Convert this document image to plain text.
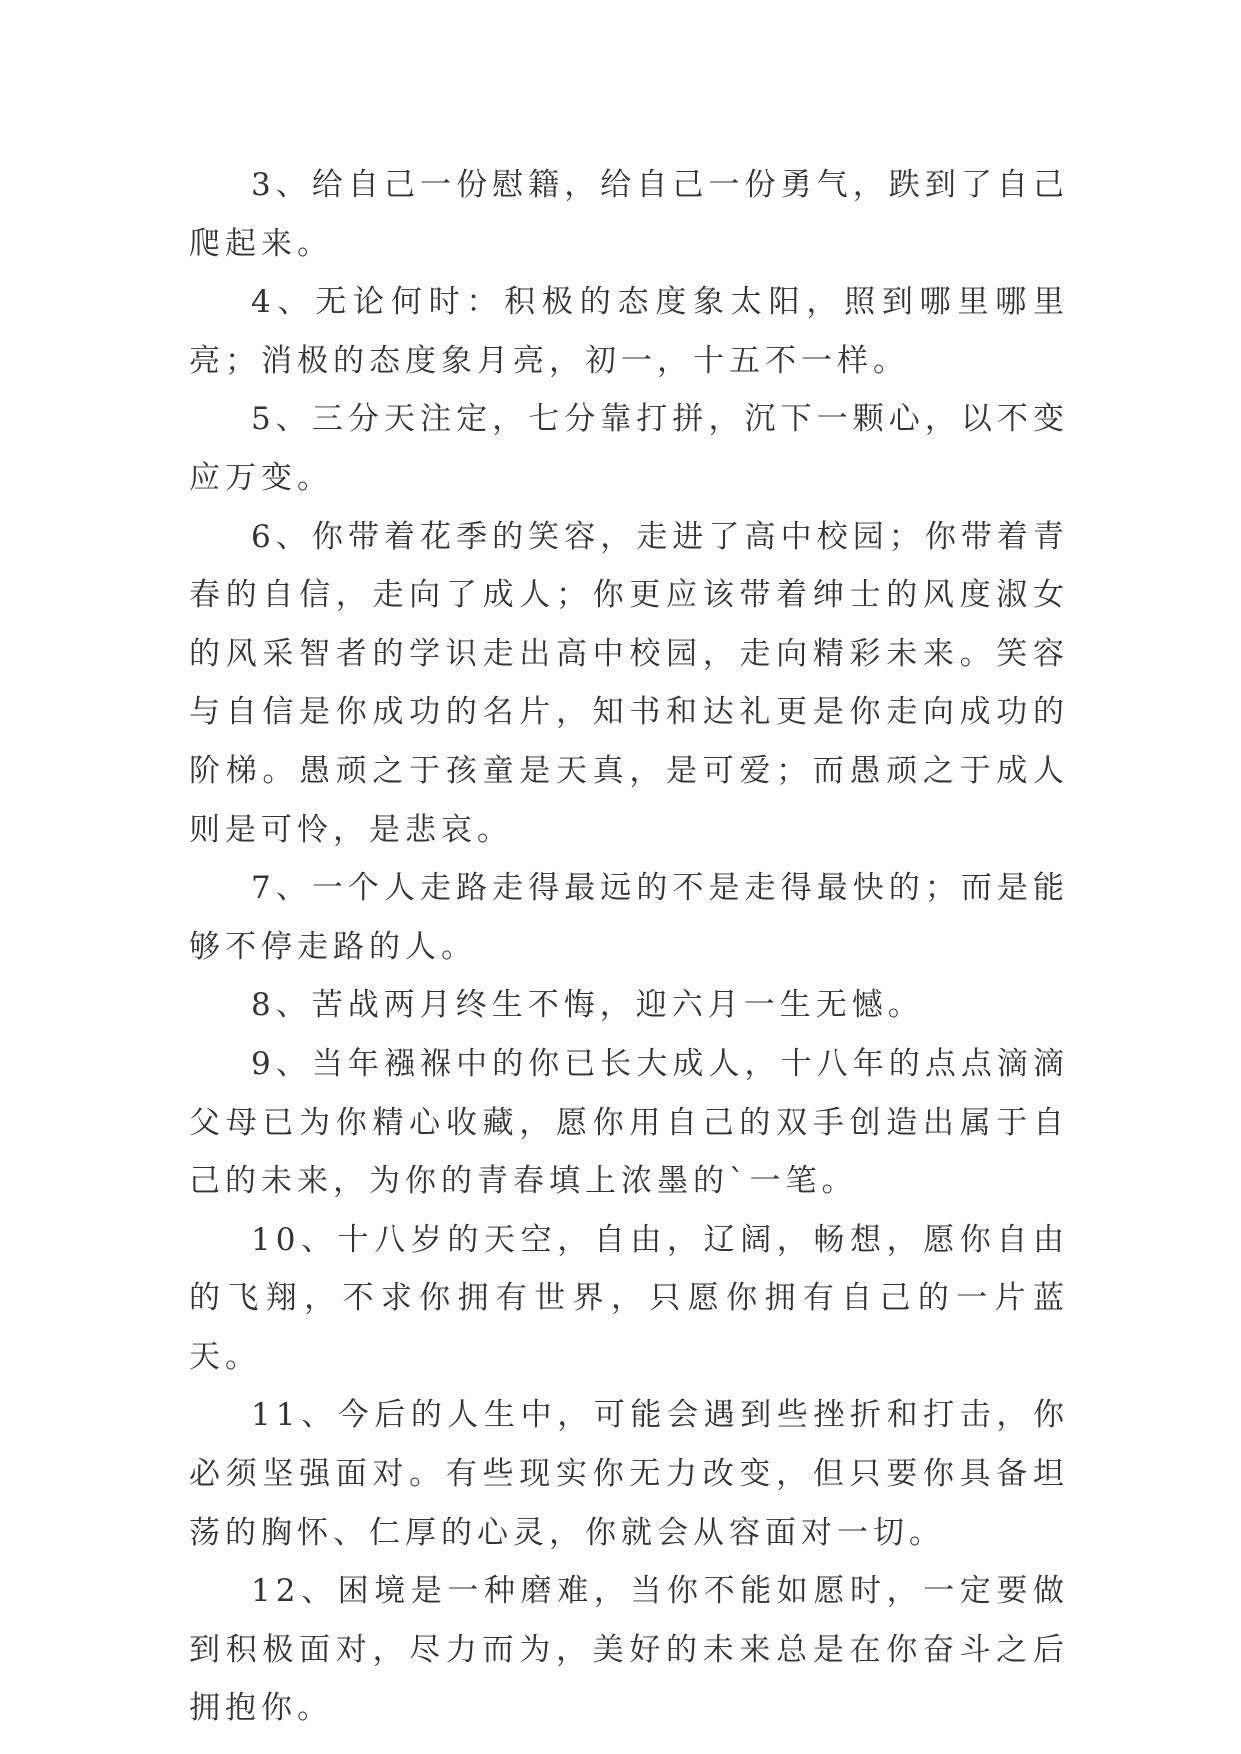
3、给自己一份慰籍，给自己一份勇气，跌到了自己爬起来。

4、无论何时：积极的态度象太阳，照到哪里哪里亮；消极的态度象月亮，初一，十五不一样。

5、三分天注定，七分靠打拼，沉下一颗心，以不变应万变。

6、你带着花季的笑容，走进了高中校园；你带着青春的自信，走向了成人；你更应该带着绅士的风度淑女的风采智者的学识走出高中校园，走向精彩未来。笑容与自信是你成功的名片，知书和达礼更是你走向成功的阶梯。愚顽之于孩童是天真，是可爱；而愚顽之于成人则是可怜，是悲哀。

7、一个人走路走得最远的不是走得最快的；而是能够不停走路的人。

8、苦战两月终生不悔，迎六月一生无憾。

9、当年襁褓中的你已长大成人，十八年的点点滴滴父母已为你精心收藏，愿你用自己的双手创造出属于自己的未来，为你的青春填上浓墨的`一笔。

10、十八岁的天空，自由，辽阔，畅想，愿你自由的飞翔，不求你拥有世界，只愿你拥有自己的一片蓝天。

11、今后的人生中，可能会遇到些挫折和打击，你必须坚强面对。有些现实你无力改变，但只要你具备坦荡的胸怀、仁厚的心灵，你就会从容面对一切。

12、困境是一种磨难，当你不能如愿时，一定要做到积极面对，尽力而为，美好的未来总是在你奋斗之后拥抱你。
